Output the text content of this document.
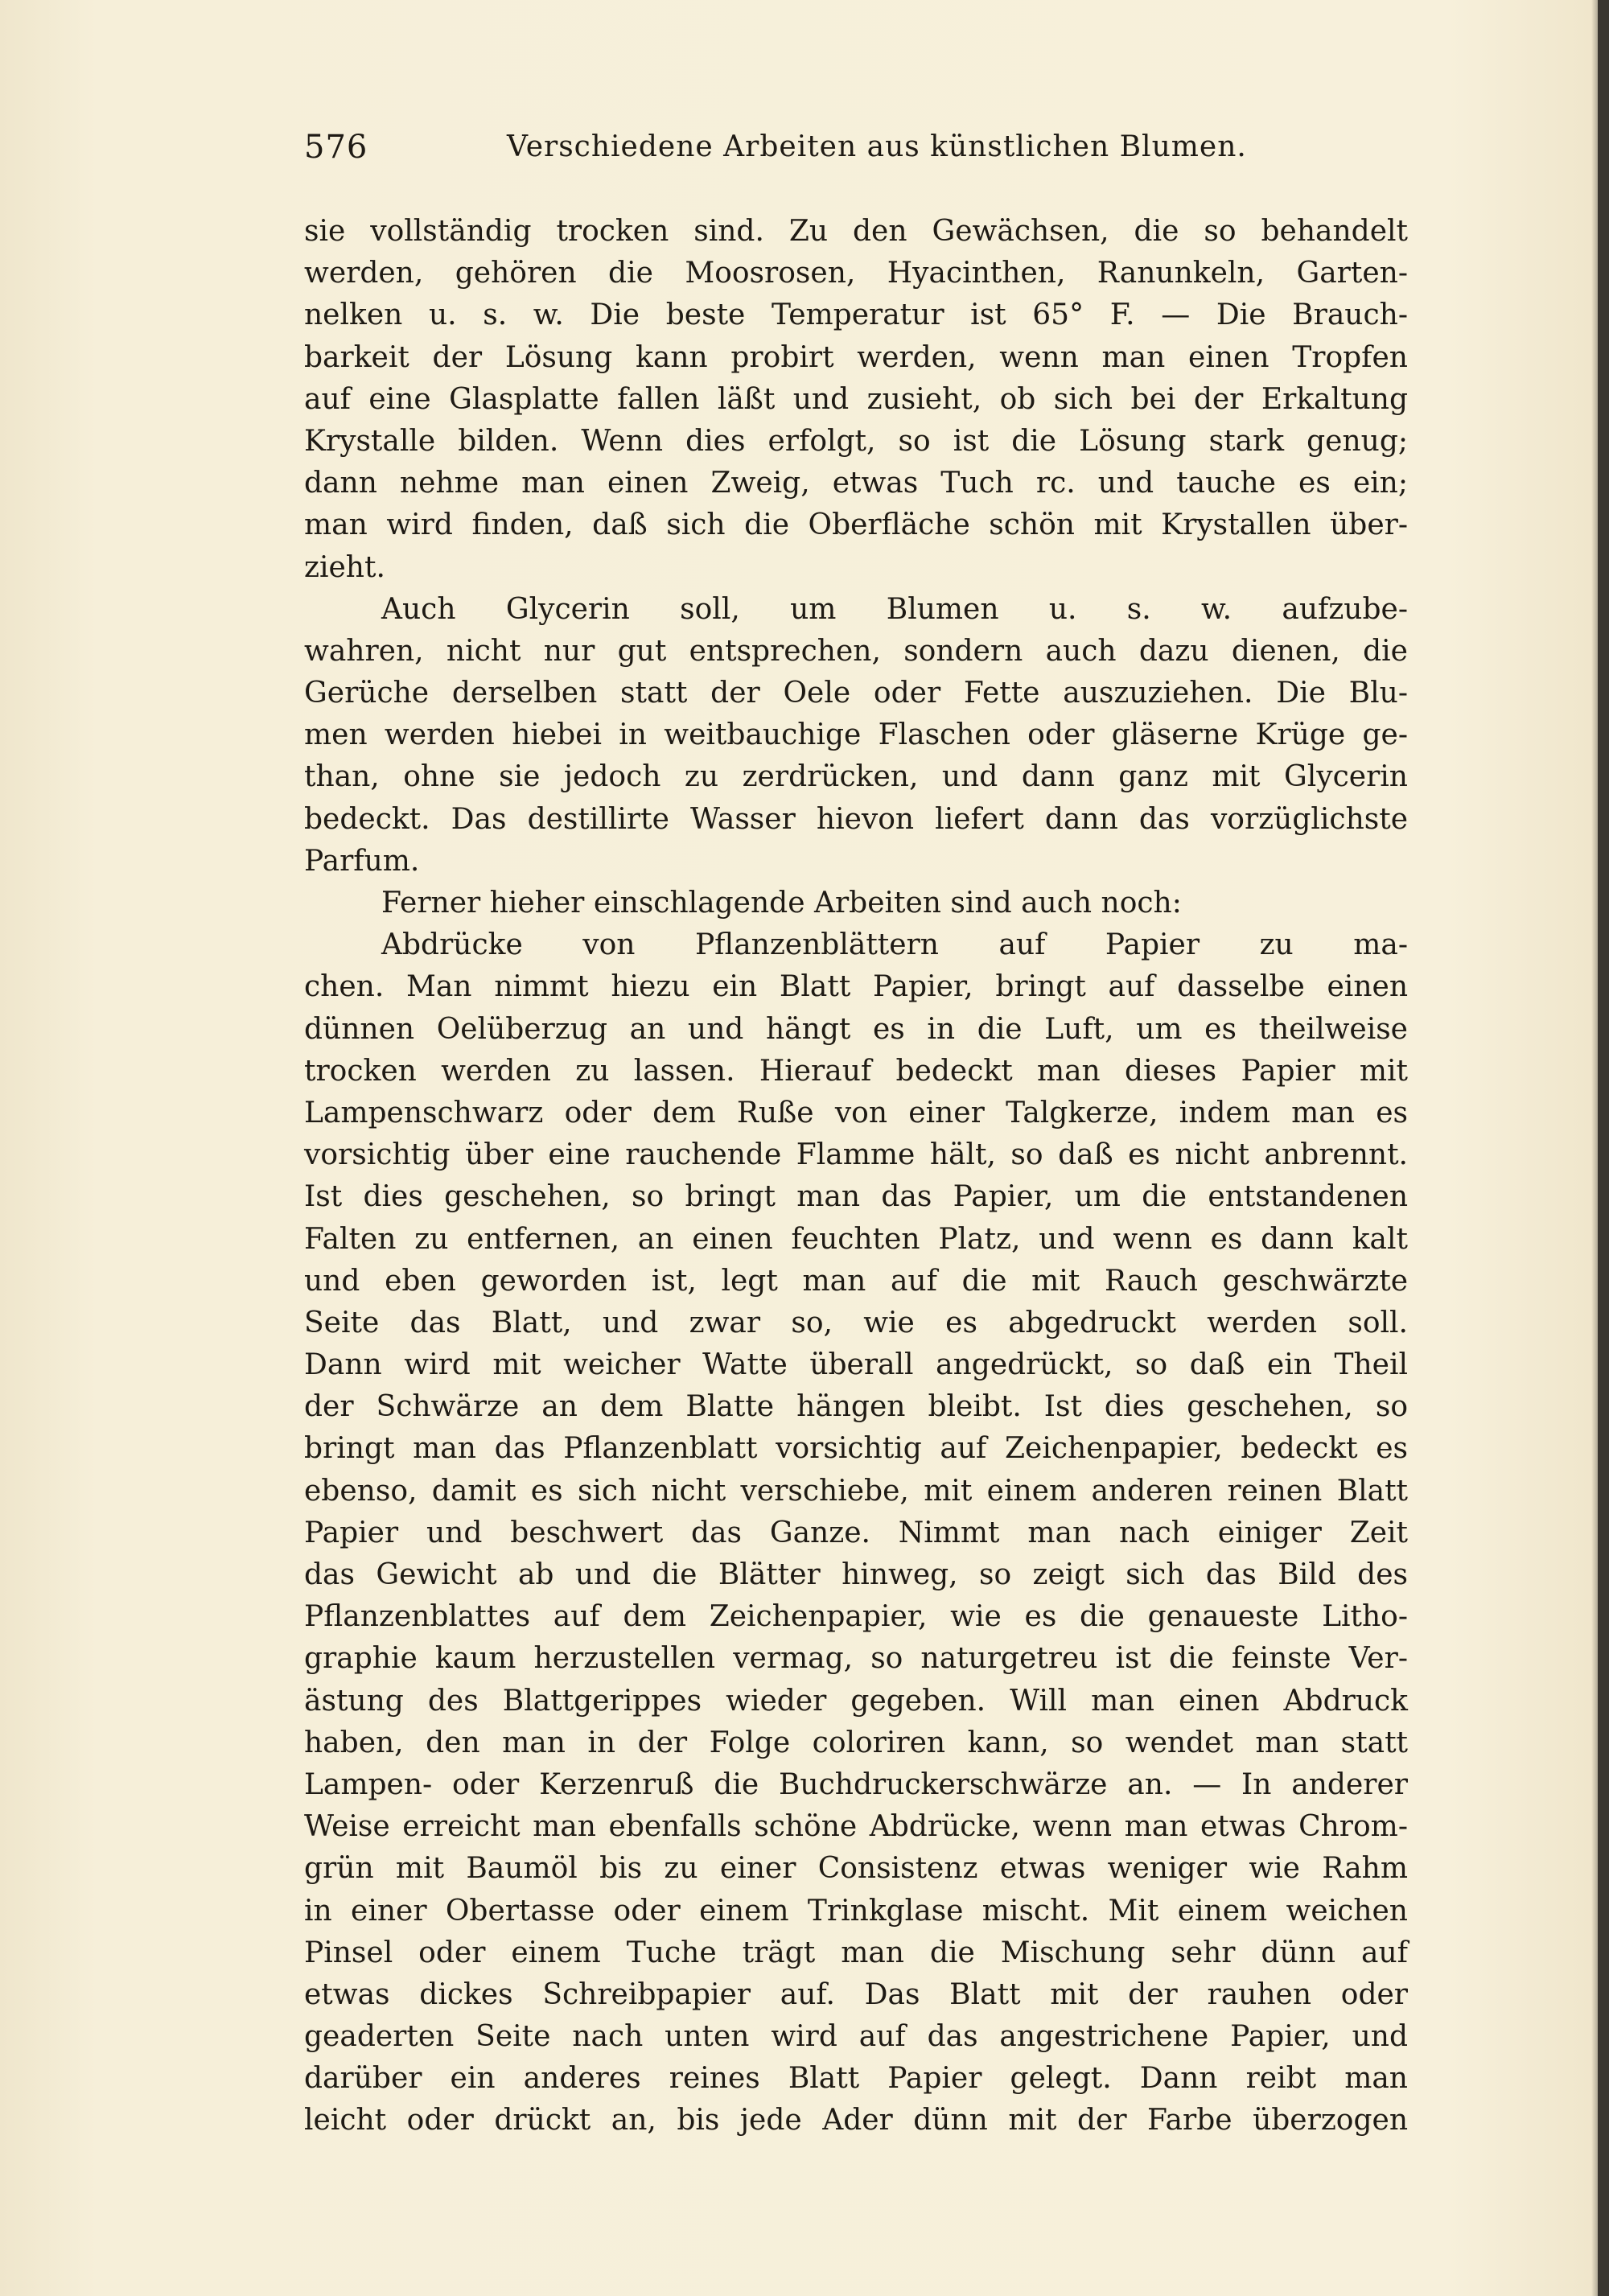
576	Verschiedene Arbeiten aus künstlichen Blumen.
sie vollständig trocken sind. Zu den Gewächsen, die so behandelt
werden, gehören die Moosrosen, Hyacinthen, Ranunkeln, Garten-
nelken u. s. w. Die beste Temperatur ist 65° F. — Die Brauch-
barkeit der Lösung kann probirt werden, wenn man einen Tropfen
auf eine Glasplatte fallen läßt und zusieht, ob sich bei der Erkaltung
Krystalle bilden. Wenn dies erfolgt, so ist die Lösung stark genug;
dann nehme man einen Zweig, etwas Tuch rc. und tauche es ein;
man wird finden, daß sich die Oberfläche schön mit Krystallen über-
zieht.
Auch Glycerin soll, um Blumen u. s. w. aufzube-
wahren, nicht nur gut entsprechen, sondern auch dazu dienen, die
Gerüche derselben statt der Oele oder Fette auszuziehen. Die Blu-
men werden hiebei in weitbauchige Flaschen oder gläserne Krüge ge-
than, ohne sie jedoch zu zerdrücken, und dann ganz mit Glycerin
bedeckt. Das destillirte Wasser hievon liefert dann das vorzüglichste
Parfum.
Ferner hieher einschlagende Arbeiten sind auch noch:
Abdrücke von Pflanzenblättern auf Papier zu ma-
chen. Man nimmt hiezu ein Blatt Papier, bringt auf dasselbe einen
dünnen Oelüberzug an und hängt es in die Luft, um es theilweise
trocken werden zu lassen. Hierauf bedeckt man dieses Papier mit
Lampenschwarz oder dem Ruße von einer Talgkerze, indem man es
vorsichtig über eine rauchende Flamme hält, so daß es nicht anbrennt.
Ist dies geschehen, so bringt man das Papier, um die entstandenen
Falten zu entfernen, an einen feuchten Platz, und wenn es dann kalt
und eben geworden ist, legt man auf die mit Rauch geschwärzte
Seite das Blatt, und zwar so, wie es abgedruckt werden soll.
Dann wird mit weicher Watte überall angedrückt, so daß ein Theil
der Schwärze an dem Blatte hängen bleibt. Ist dies geschehen, so
bringt man das Pflanzenblatt vorsichtig auf Zeichenpapier, bedeckt es
ebenso, damit es sich nicht verschiebe, mit einem anderen reinen Blatt
Papier und beschwert das Ganze. Nimmt man nach einiger Zeit
das Gewicht ab und die Blätter hinweg, so zeigt sich das Bild des
Pflanzenblattes auf dem Zeichenpapier, wie es die genaueste Litho-
graphie kaum herzustellen vermag, so naturgetreu ist die feinste Ver-
ästung des Blattgerippes wieder gegeben. Will man einen Abdruck
haben, den man in der Folge coloriren kann, so wendet man statt
Lampen- oder Kerzenruß die Buchdruckerschwärze an. — In anderer
Weise erreicht man ebenfalls schöne Abdrücke, wenn man etwas Chrom-
grün mit Baumöl bis zu einer Consistenz etwas weniger wie Rahm
in einer Obertasse oder einem Trinkglase mischt. Mit einem weichen
Pinsel oder einem Tuche trägt man die Mischung sehr dünn auf
etwas dickes Schreibpapier auf. Das Blatt mit der rauhen oder
geaderten Seite nach unten wird auf das angestrichene Papier, und
darüber ein anderes reines Blatt Papier gelegt. Dann reibt man
leicht oder drückt an, bis jede Ader dünn mit der Farbe überzogen
